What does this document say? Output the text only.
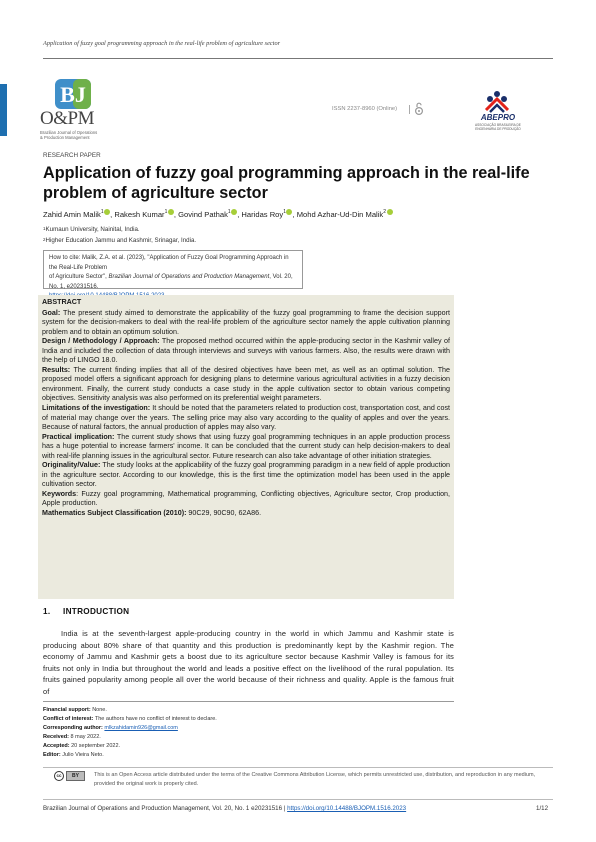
Application of fuzzy goal programming approach in the real-life problem of agriculture sector
BJ
O&PM
Brazilian Journal of Operations
& Production Management
ISSN 2237-8960 (Online)
ABEPRO
ASSOCIAÇÃO BRASILEIRA DE ENGENHARIA DE PRODUÇÃO
RESEARCH PAPER
Application of fuzzy goal programming approach in the real-life problem of agriculture sector
Zahid Amin Malik$^1$ , Rakesh Kumar$^1$ , Govind Pathak$^1$ , Haridas Roy$^1$ , Mohd Azhar-Ud-Din Malik$^2$
$^1$Kumaun University, Nainital, India.
$^2$Higher Education Jammu and Kashmir, Srinagar, India.
How to cite: Malik, Z.A. et al. (2023), "Application of Fuzzy Goal Programming Approach in the Real-Life Problem
of Agriculture Sector", Brazilian Journal of Operations and Production Management, Vol. 20, No. 1, e20231516.
ABSTRACT

Goal: The present study aimed to demonstrate the applicability of the fuzzy goal programming to frame the decision support system for the decision-makers to deal with the real-life problem of the agriculture sector namely the apple cultivation planning problem and to obtain an optimum solution.

Design / Methodology / Approach: The proposed method occurred within the apple-producing sector in the Kashmir valley of India and included the collection of data through interviews and surveys with various farmers. Also, the results were drawn with the help of LINGO 18.0.

Results: The current finding implies that all of the desired objectives have been met, as well as an optimal solution. The proposed model offers a significant approach for designing plans to determine various agricultural activities in a fuzzy decision environment. Finally, the current study conducts a case study in the apple cultivation sector to obtain various competing objectives. Sensitivity analysis was also performed on its preferential weight parameters.

Limitations of the investigation: It should be noted that the parameters related to production cost, transportation cost, and cost of material may change over the years. The selling price may also vary according to the quality of apples and over the years. Because of natural factors, the annual production of apples may also vary.

Practical implication: The current study shows that using fuzzy goal programming techniques in an apple production process has a huge potential to increase farmers' income. It can be concluded that the current study can help decision-makers to deal with real-life planning issues in the agricultural sector. Future research can also take advantage of other initiation strategies.

Originality/Value: The study looks at the applicability of the fuzzy goal programming paradigm in a new field of apple production in the agriculture sector. According to our knowledge, this is the first time the optimization model has been used in the apple cultivation sector.

Keywords: Fuzzy goal programming, Mathematical programming, Conflicting objectives, Agriculture sector, Crop production, Apple production.

Mathematics Subject Classification (2010): 90C29, 90C90, 62A86.

1. INTRODUCTION
India is at the seventh-largest apple-producing country in the world in which Jammu and Kashmir state is producing about 80% share of that quantity and this production is predominantly kept by the Kashmir region. The economy of Jammu and Kashmir gets a boost due to its agriculture sector because Kashmir Valley is famous for its fruits not only in India but throughout the world and leads a positive effect on the livelihood of the rural population. Its fruits gained popularity among people all over the world because of their richness and quality. Apple is the famous fruit of
Financial support: None.
Conflict of interest: The authors have no conflict of interest to declare.
Corresponding author: mlkzahidamin926@gmail.com
Received: 8 may 2022.
Accepted: 20 september 2022.
Editor: Julio Vieira Neto.
cc	BY	This is an Open Access article distributed under the terms of the Creative Commons Attribution License, which permits unrestricted use, distribution, and reproduction in any medium, provided the original work is properly cited.
Brazilian Journal of Operations and Production Management, Vol. 20, No. 1 e20231516 | https://doi.org/10.14488/BJOPM.1516.2023	1/12
